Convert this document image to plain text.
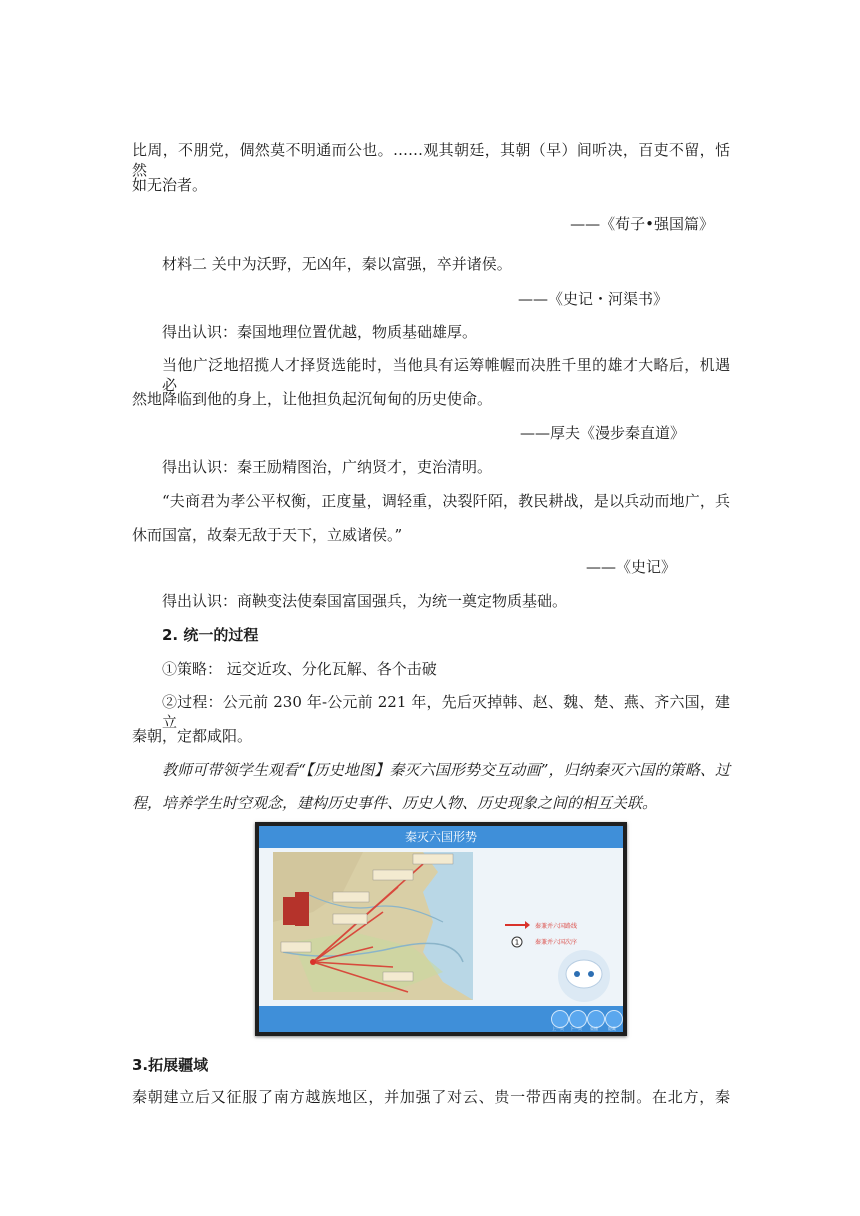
比周，不朋党，倜然莫不明通而公也。……观其朝廷，其朝（早）间听决，百吏不留，恬然
如无治者。
——《荀子•强国篇》
材料二 关中为沃野，无凶年，秦以富强，卒并诸侯。
——《史记・河渠书》
得出认识：秦国地理位置优越，物质基础雄厚。
当他广泛地招揽人才择贤选能时，当他具有运筹帷幄而决胜千里的雄才大略后，机遇必
然地降临到他的身上，让他担负起沉甸甸的历史使命。
——厚夫《漫步秦直道》
得出认识：秦王励精图治，广纳贤才，吏治清明。
“夫商君为孝公平权衡，正度量，调轻重，决裂阡陌，教民耕战，是以兵动而地广，兵
休而国富，故秦无敌于天下，立威诸侯。”
——《史记》
得出认识：商鞅变法使秦国富国强兵，为统一奠定物质基础。
2. 统一的过程
①策略： 远交近攻、分化瓦解、各个击破
②过程：公元前 230 年-公元前 221 年，先后灭掉韩、赵、魏、楚、燕、齐六国，建立
秦朝，定都咸阳。
教师可带领学生观看“【历史地图】秦灭六国形势交互动画”，归纳秦灭六国的策略、过
程，培养学生时空观念，建构历史事件、历史人物、历史现象之间的相互关联。
秦灭六国形势
秦兼并六国路线
1	秦兼并六国次序
上一页 下一页 重播	隐藏
3.拓展疆域
秦朝建立后又征服了南方越族地区，并加强了对云、贵一带西南夷的控制。在北方，秦
